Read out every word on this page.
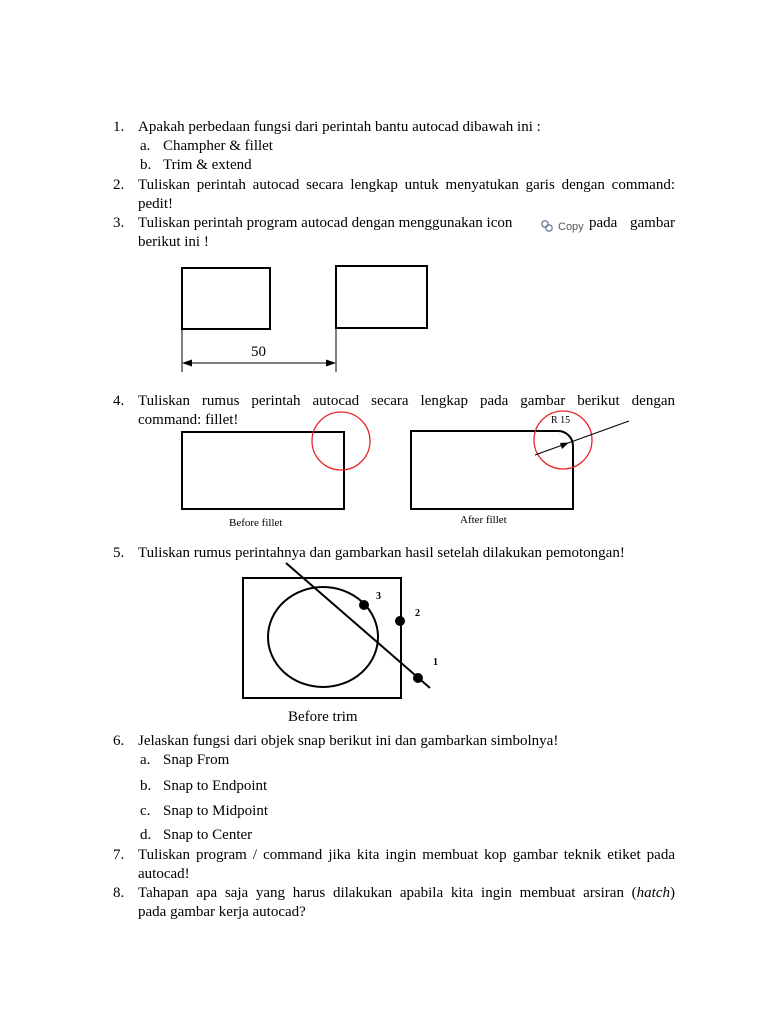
1. Apakah perbedaan fungsi dari perintah bantu autocad dibawah ini :
a. Champher & fillet
b. Trim & extend
2. Tuliskan perintah autocad secara lengkap untuk menyatukan garis dengan command:
pedit!
3. Tuliskan perintah program autocad dengan menggunakan icon	pada gambar
berikut ini !
Copy
50
4. Tuliskan rumus perintah autocad secara lengkap pada gambar berikut dengan
command: fillet!
Before fillet	After fillet
R 15
5. Tuliskan rumus perintahnya dan gambarkan hasil setelah dilakukan pemotongan!
3
2
1
Before trim
6. Jelaskan fungsi dari objek snap berikut ini dan gambarkan simbolnya!
a. Snap From
b. Snap to Endpoint
c. Snap to Midpoint
d. Snap to Center
7. Tuliskan program / command jika kita ingin membuat kop gambar teknik etiket pada
autocad!
8. Tahapan apa saja yang harus dilakukan apabila kita ingin membuat arsiran (hatch)
pada gambar kerja autocad?
